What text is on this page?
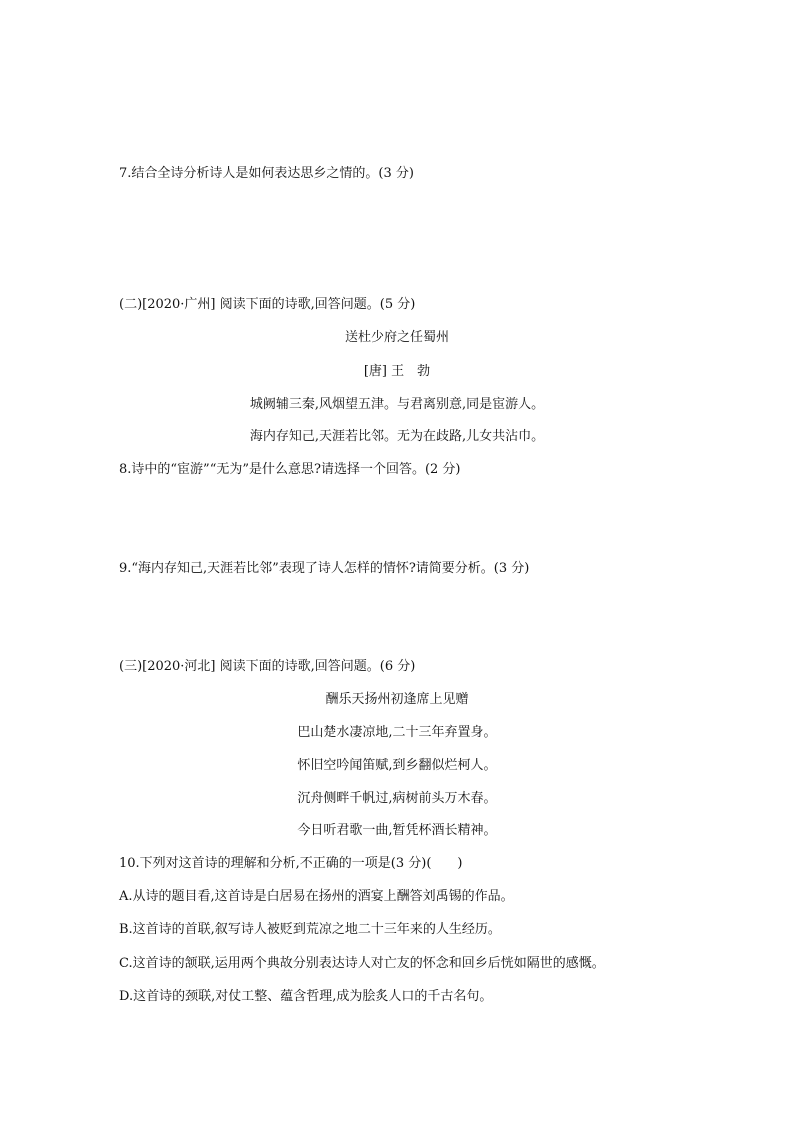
7.结合全诗分析诗人是如何表达思乡之情的。(3 分)
(二)[2020·广州] 阅读下面的诗歌,回答问题。(5 分)
送杜少府之任蜀州
[唐] 王　勃
城阙辅三秦,风烟望五津。与君离别意,同是宦游人。
海内存知己,天涯若比邻。无为在歧路,儿女共沾巾。
8.诗中的“宦游”“无为”是什么意思?请选择一个回答。(2 分)
9.“海内存知己,天涯若比邻”表现了诗人怎样的情怀?请简要分析。(3 分)
(三)[2020·河北] 阅读下面的诗歌,回答问题。(6 分)
酬乐天扬州初逢席上见赠
巴山楚水凄凉地,二十三年弃置身。
怀旧空吟闻笛赋,到乡翻似烂柯人。
沉舟侧畔千帆过,病树前头万木春。
今日听君歌一曲,暂凭杯酒长精神。
10.下列对这首诗的理解和分析,不正确的一项是(3 分)(　　)
A.从诗的题目看,这首诗是白居易在扬州的酒宴上酬答刘禹锡的作品。
B.这首诗的首联,叙写诗人被贬到荒凉之地二十三年来的人生经历。
C.这首诗的颔联,运用两个典故分别表达诗人对亡友的怀念和回乡后恍如隔世的感慨。
D.这首诗的颈联,对仗工整、蕴含哲理,成为脍炙人口的千古名句。
